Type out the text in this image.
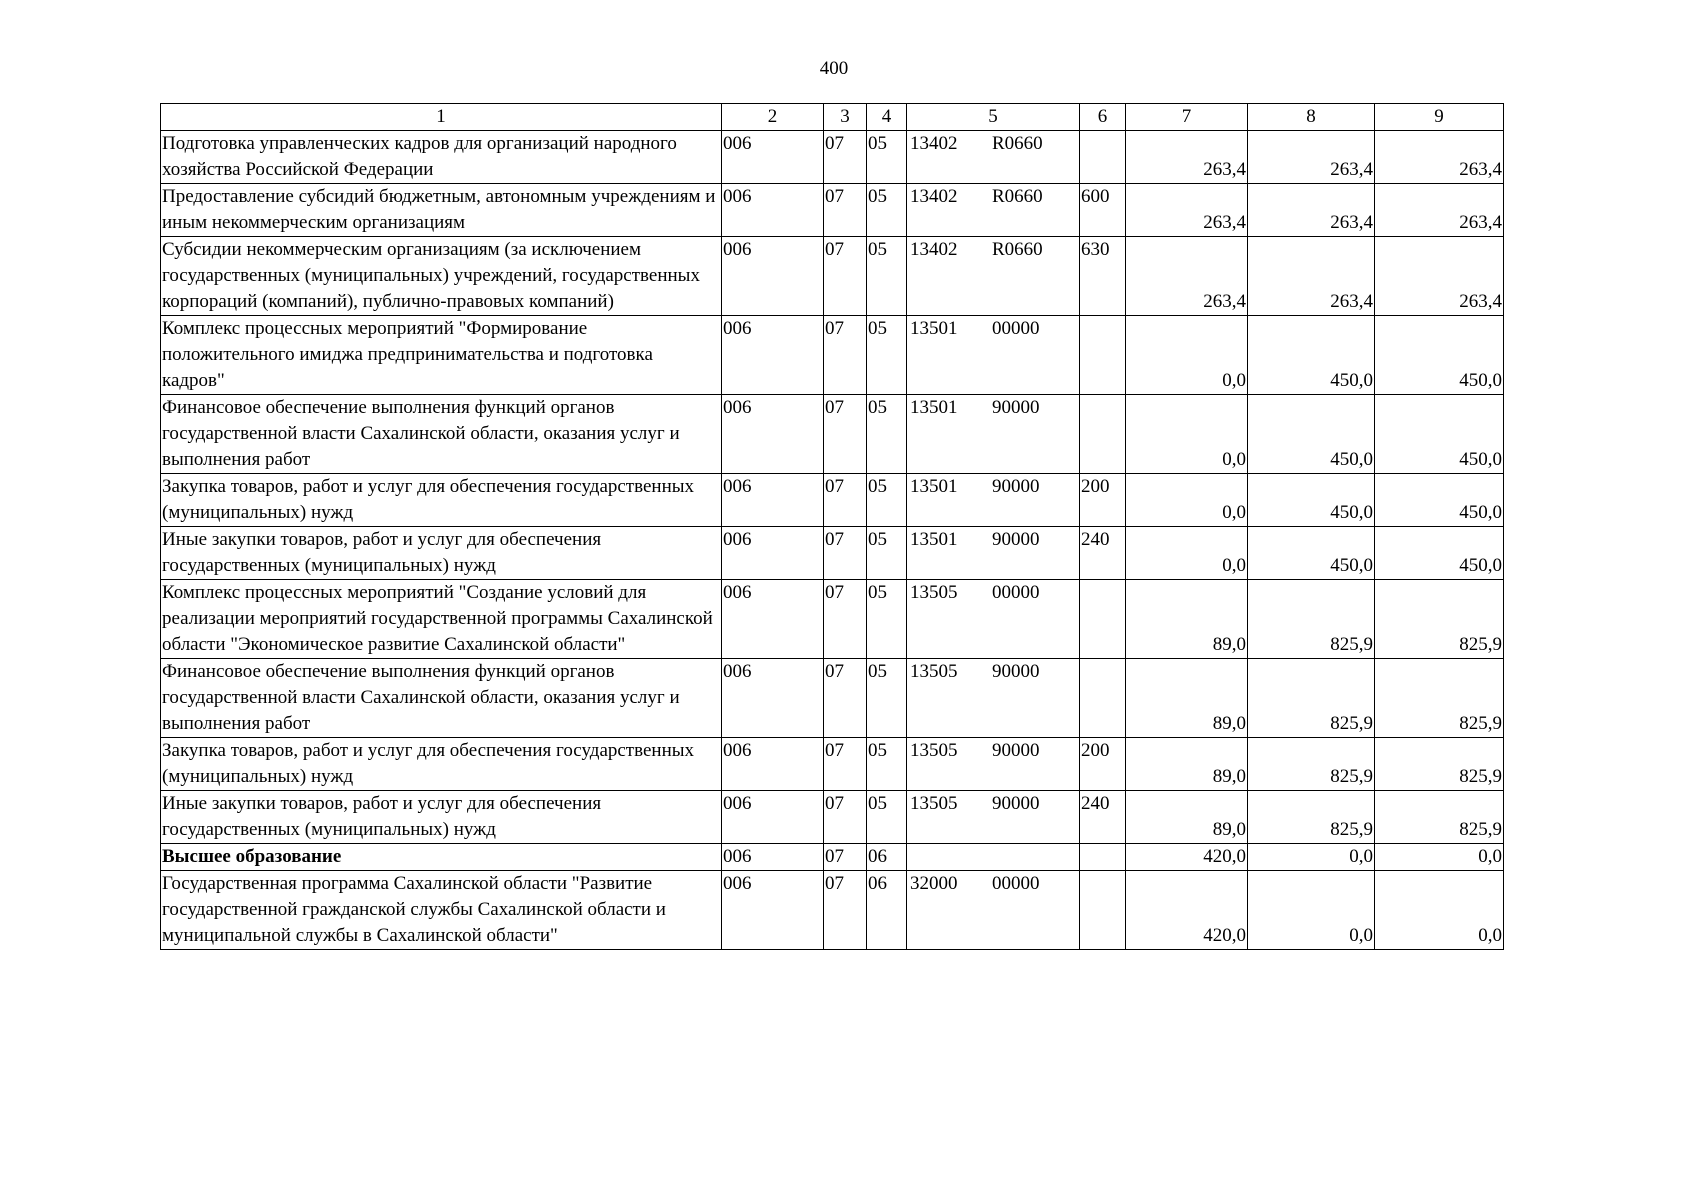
400
1	2	3	4	5	6	7	8	9
Подготовка управленческих кадров для организаций народного хозяйства Российской Федерации	006	07	05	13402 R0660		263,4	263,4	263,4
Предоставление субсидий бюджетным, автономным учреждениям и иным некоммерческим организациям	006	07	05	13402 R0660	600	263,4	263,4	263,4
Субсидии некоммерческим организациям (за исключением государственных (муниципальных) учреждений, государственных корпораций (компаний), публично-правовых компаний)	006	07	05	13402 R0660	630	263,4	263,4	263,4
Комплекс процессных мероприятий "Формирование положительного имиджа предпринимательства и подготовка кадров"	006	07	05	13501 00000		0,0	450,0	450,0
Финансовое обеспечение выполнения функций органов государственной власти Сахалинской области, оказания услуг и выполнения работ	006	07	05	13501 90000		0,0	450,0	450,0
Закупка товаров, работ и услуг для обеспечения государственных (муниципальных) нужд	006	07	05	13501 90000	200	0,0	450,0	450,0
Иные закупки товаров, работ и услуг для обеспечения государственных (муниципальных) нужд	006	07	05	13501 90000	240	0,0	450,0	450,0
Комплекс процессных мероприятий "Создание условий для реализации мероприятий государственной программы Сахалинской области "Экономическое развитие Сахалинской области"	006	07	05	13505 00000		89,0	825,9	825,9
Финансовое обеспечение выполнения функций органов государственной власти Сахалинской области, оказания услуг и выполнения работ	006	07	05	13505 90000		89,0	825,9	825,9
Закупка товаров, работ и услуг для обеспечения государственных (муниципальных) нужд	006	07	05	13505 90000	200	89,0	825,9	825,9
Иные закупки товаров, работ и услуг для обеспечения государственных (муниципальных) нужд	006	07	05	13505 90000	240	89,0	825,9	825,9
Высшее образование	006	07	06			420,0	0,0	0,0
Государственная программа Сахалинской области "Развитие государственной гражданской службы Сахалинской области и муниципальной службы в Сахалинской области"	006	07	06	32000 00000		420,0	0,0	0,0
